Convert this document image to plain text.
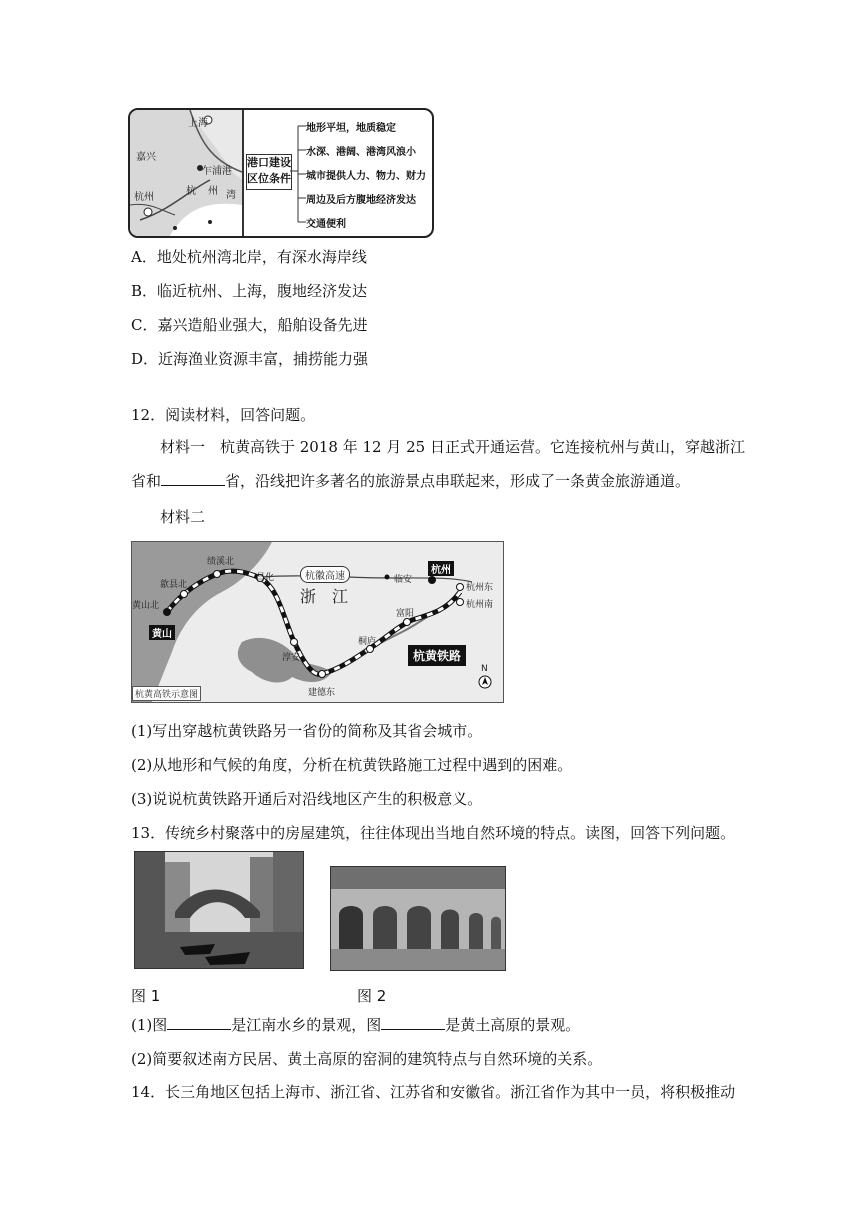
上海
嘉兴
杭州
乍浦港
杭 州 湾
港口建设
区位条件
地形平坦，地质稳定
水深、港阔、港湾风浪小
城市提供人力、物力、财力
周边及后方腹地经济发达
交通便利
A．地处杭州湾北岸，有深水海岸线
B．临近杭州、上海，腹地经济发达
C．嘉兴造船业强大，船舶设备先进
D．近海渔业资源丰富，捕捞能力强
12．阅读材料，回答问题。
材料一　杭黄高铁于 2018 年 12 月 25 日正式开通运营。它连接杭州与黄山，穿越浙江
省和	省，沿线把许多著名的旅游景点串联起来，形成了一条黄金旅游通道。
材料二
黄山
杭州
黄山北
歙县北
绩溪北
昌化	临安
杭州东
杭州南
富阳
桐庐
淳安
建德东
杭徽高速
浙　江
杭黄铁路
杭黄高铁示意图
N
(1)写出穿越杭黄铁路另一省份的简称及其省会城市。
(2)从地形和气候的角度，分析在杭黄铁路施工过程中遇到的困难。
(3)说说杭黄铁路开通后对沿线地区产生的积极意义。
13．传统乡村聚落中的房屋建筑，往往体现出当地自然环境的特点。读图，回答下列问题。
图 1	图 2
(1)图	是江南水乡的景观，图	是黄土高原的景观。
(2)简要叙述南方民居、黄土高原的窑洞的建筑特点与自然环境的关系。
14．长三角地区包括上海市、浙江省、江苏省和安徽省。浙江省作为其中一员，将积极推动
